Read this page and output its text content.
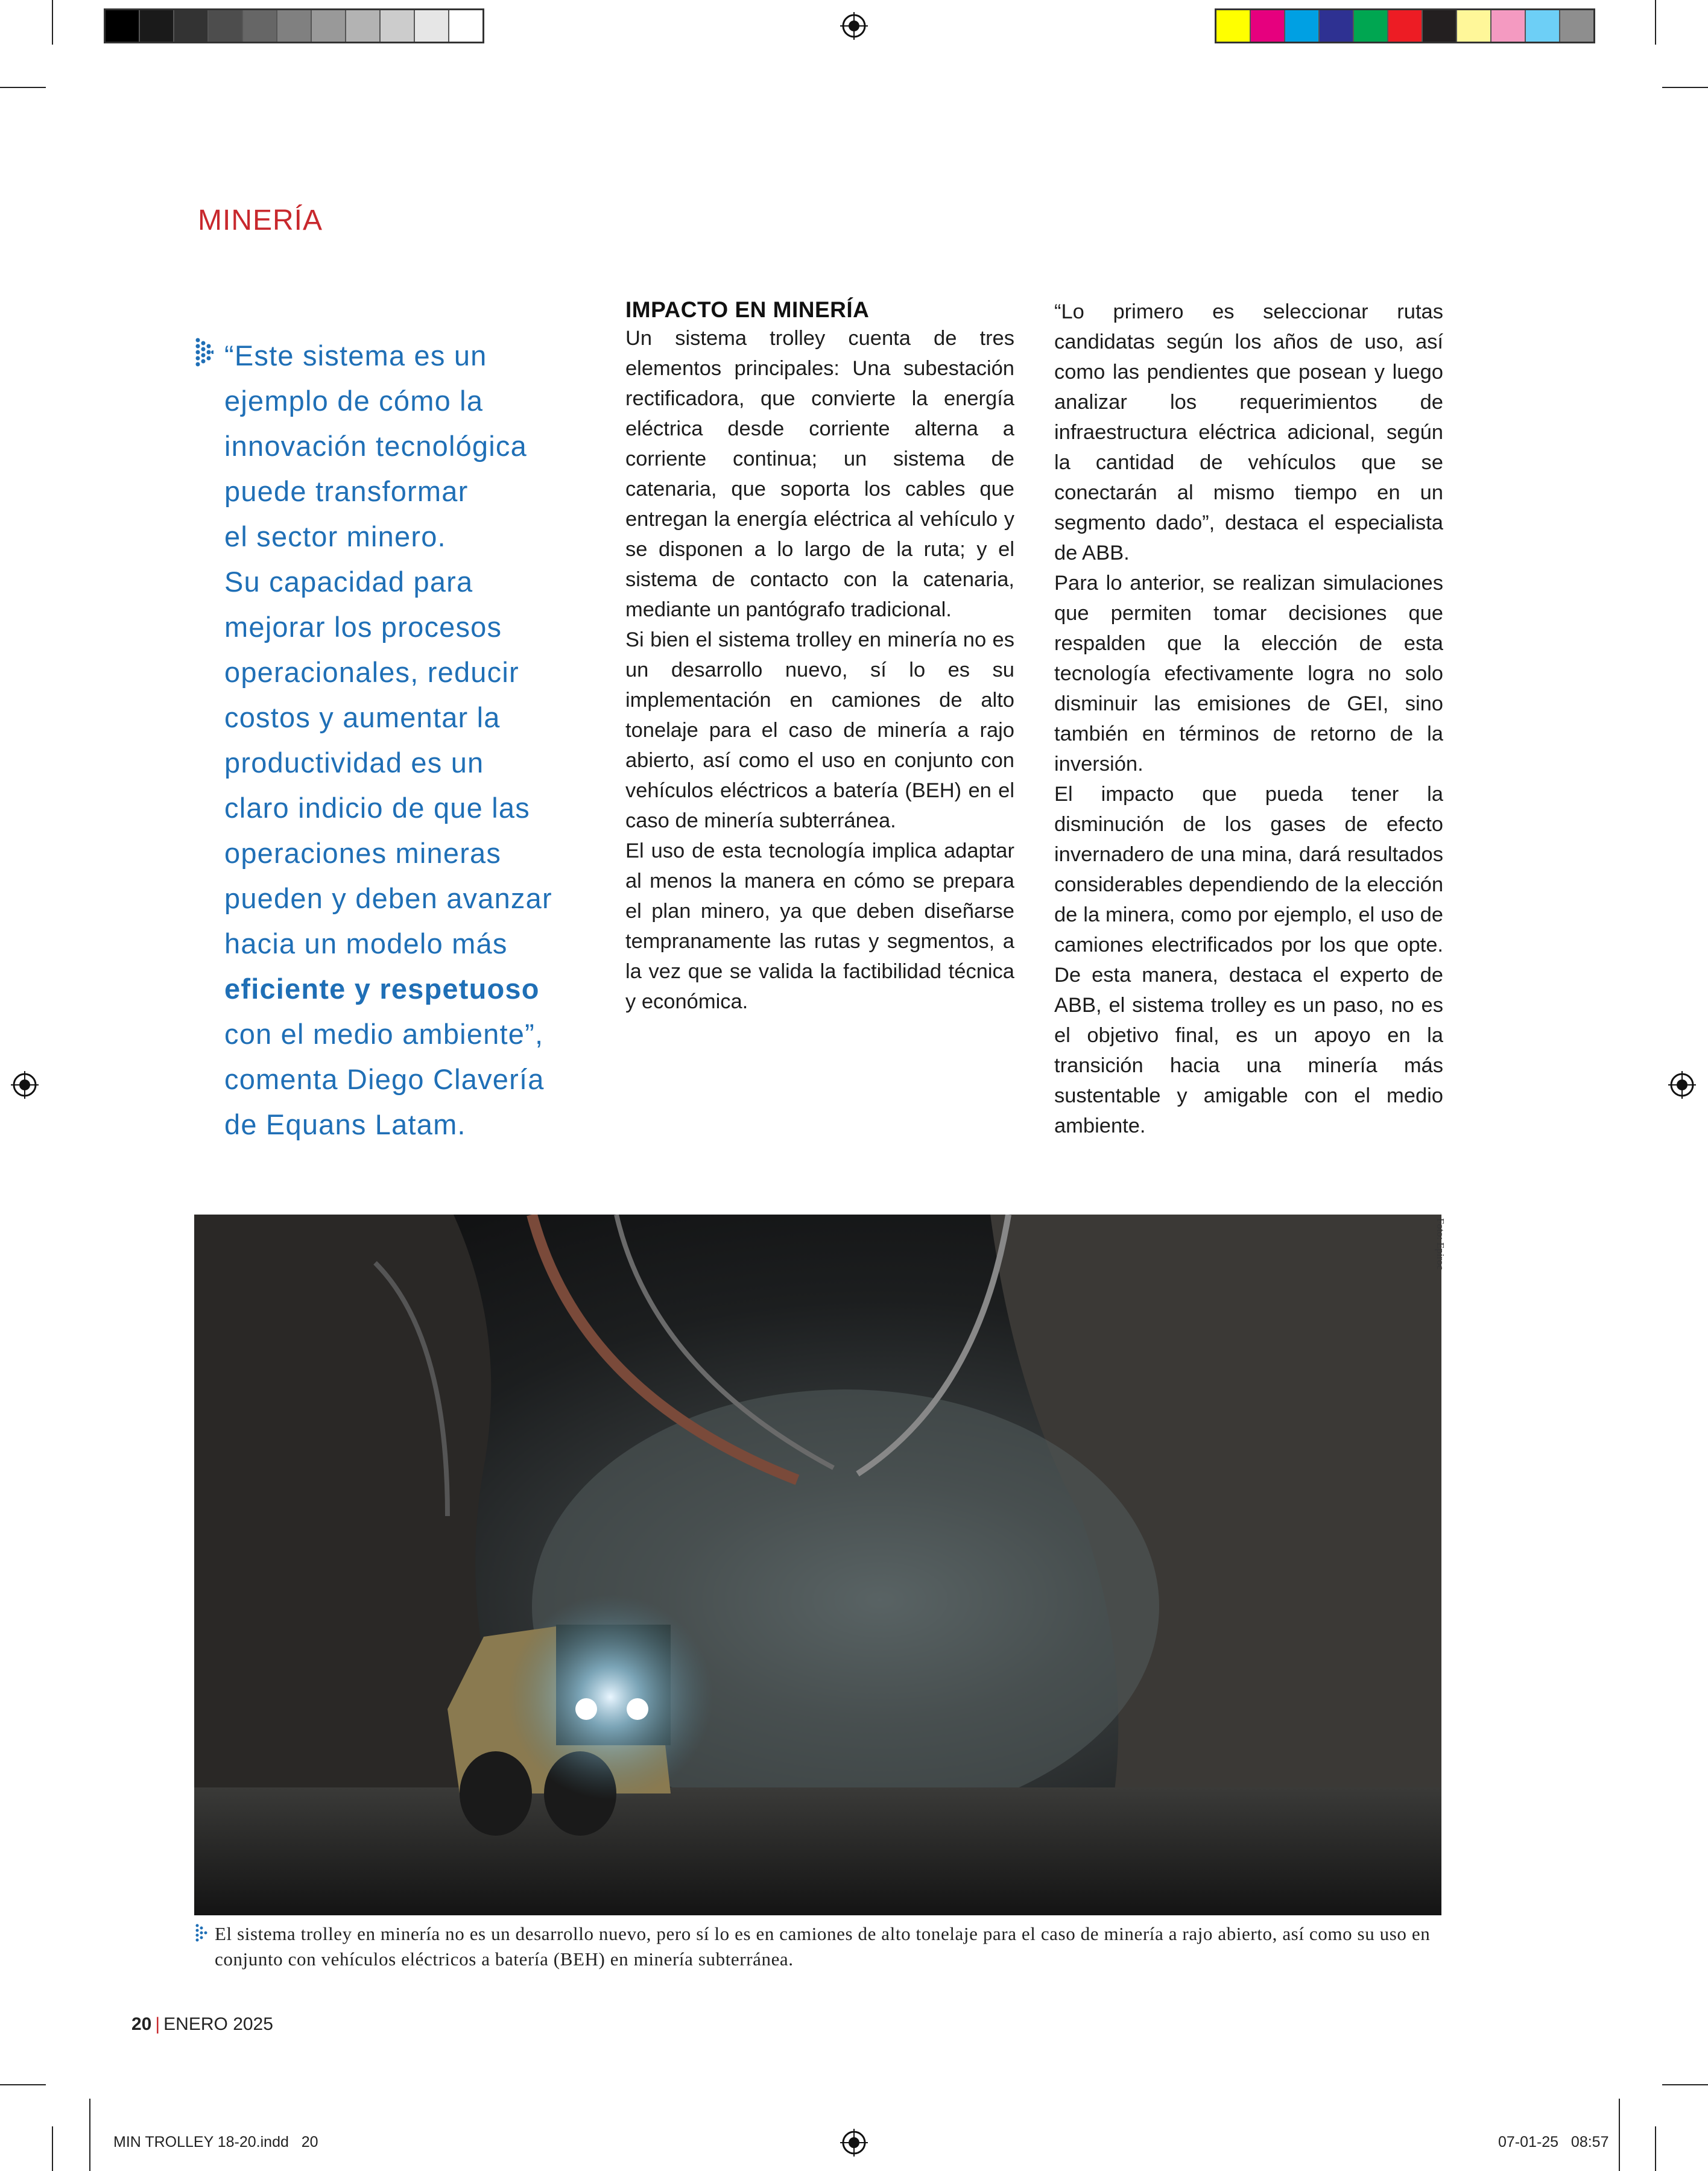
MINERÍA
“Este sistema es un
ejemplo de cómo la
innovación tecnológica
puede transformar
el sector minero.
Su capacidad para
mejorar los procesos
operacionales, reducir
costos y aumentar la
productividad es un
claro indicio de que las
operaciones mineras
pueden y deben avanzar
hacia un modelo más
eficiente y respetuoso
con el medio ambiente”,
comenta Diego Clavería
de Equans Latam.
IMPACTO EN MINERÍA

Un sistema trolley cuenta de tres elementos principales: Una subestación rectificadora, que convierte la energía eléctrica desde corriente alterna a corriente continua; un sistema de catenaria, que soporta los cables que entregan la energía eléctrica al vehículo y se disponen a lo largo de la ruta; y el sistema de contacto con la catenaria, mediante un pantógrafo tradicional.

Si bien el sistema trolley en minería no es un desarrollo nuevo, sí lo es su implementación en camiones de alto tonelaje para el caso de minería a rajo abierto, así como el uso en conjunto con vehículos eléctricos a batería (BEH) en el caso de minería subterránea.

El uso de esta tecnología implica adaptar al menos la manera en cómo se prepara el plan minero, ya que deben diseñarse tempranamente las rutas y segmentos, a la vez que se valida la factibilidad técnica y económica.

“Lo primero es seleccionar rutas candidatas según los años de uso, así como las pendientes que posean y luego analizar los requerimientos de infraestructura eléctrica adicional, según la cantidad de vehículos que se conectarán al mismo tiempo en un segmento dado”, destaca el especialista de ABB.

Para lo anterior, se realizan simulaciones que permiten tomar decisiones que respalden que la elección de esta tecnología efectivamente logra no solo disminuir las emisiones de GEI, sino también en términos de retorno de la inversión.

El impacto que pueda tener la disminución de los gases de efecto invernadero de una mina, dará resultados considerables dependiendo de la elección de la minera, como por ejemplo, el uso de camiones electrificados por los que opte. De esta manera, destaca el experto de ABB, el sistema trolley es un paso, no es el objetivo final, es un apoyo en la transición hacia una minería más sustentable y amigable con el medio ambiente.

Foto: Epiroc
El sistema trolley en minería no es un desarrollo nuevo, pero sí lo es en camiones de alto tonelaje para el caso de minería a rajo abierto, así como su uso en conjunto con vehículos eléctricos a batería (BEH) en minería subterránea.
20 | ENERO 2025
MIN TROLLEY 18-20.indd   20	07-01-25   08:57
